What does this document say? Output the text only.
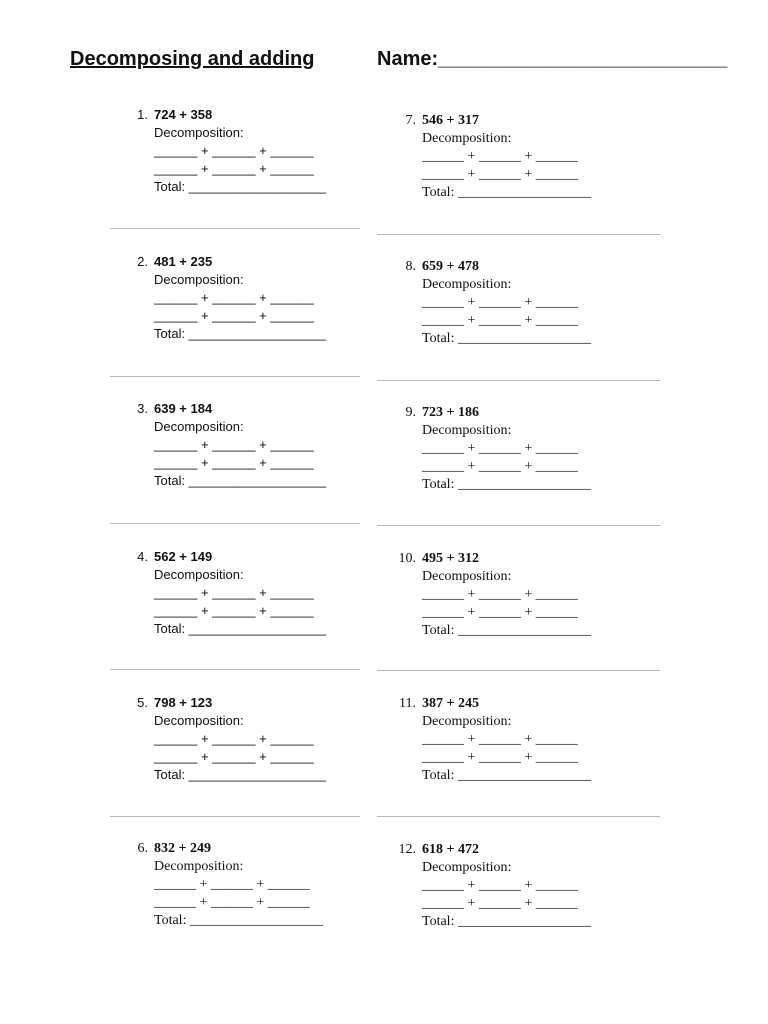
Decomposing and adding	Name:__________________________
1. 724 + 358
Decomposition:
______ + ______ + ______
______ + ______ + ______
Total: ___________________
2. 481 + 235
Decomposition:
______ + ______ + ______
______ + ______ + ______
Total: ___________________
3. 639 + 184
Decomposition:
______ + ______ + ______
______ + ______ + ______
Total: ___________________
4. 562 + 149
Decomposition:
______ + ______ + ______
______ + ______ + ______
Total: ___________________
5. 798 + 123
Decomposition:
______ + ______ + ______
______ + ______ + ______
Total: ___________________
6. 832 + 249
Decomposition:
______ + ______ + ______
______ + ______ + ______
Total: ___________________
7. 546 + 317
Decomposition:
______ + ______ + ______
______ + ______ + ______
Total: ___________________
8. 659 + 478
Decomposition:
______ + ______ + ______
______ + ______ + ______
Total: ___________________
9. 723 + 186
Decomposition:
______ + ______ + ______
______ + ______ + ______
Total: ___________________
10. 495 + 312
Decomposition:
______ + ______ + ______
______ + ______ + ______
Total: ___________________
11. 387 + 245
Decomposition:
______ + ______ + ______
______ + ______ + ______
Total: ___________________
12. 618 + 472
Decomposition:
______ + ______ + ______
______ + ______ + ______
Total: ___________________
